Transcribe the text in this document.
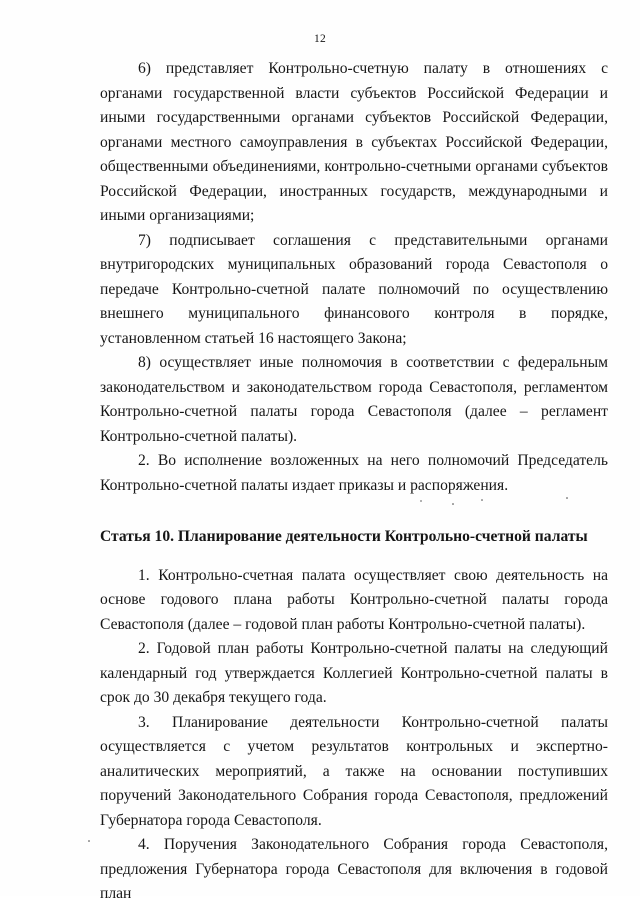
12

6) представляет Контрольно-счетную палату в отношениях с органами государственной власти субъектов Российской Федерации и иными государственными органами субъектов Российской Федерации, органами местного самоуправления в субъектах Российской Федерации, общественными объединениями, контрольно-счетными органами субъектов Российской Федерации, иностранных государств, международными и иными организациями;

7) подписывает соглашения с представительными органами внутригородских муниципальных образований города Севастополя о передаче Контрольно-счетной палате полномочий по осуществлению внешнего муниципального финансового контроля в порядке, установленном статьей 16 настоящего Закона;

8) осуществляет иные полномочия в соответствии с федеральным законодательством и законодательством города Севастополя, регламентом Контрольно-счетной палаты города Севастополя (далее – регламент Контрольно-счетной палаты).

2. Во исполнение возложенных на него полномочий Председатель Контрольно-счетной палаты издает приказы и распоряжения.

Статья 10. Планирование деятельности Контрольно-счетной палаты

1. Контрольно-счетная палата осуществляет свою деятельность на основе годового плана работы Контрольно-счетной палаты города Севастополя (далее – годовой план работы Контрольно-счетной палаты).

2. Годовой план работы Контрольно-счетной палаты на следующий календарный год утверждается Коллегией Контрольно-счетной палаты в срок до 30 декабря текущего года.

3. Планирование деятельности Контрольно-счетной палаты осуществляется с учетом результатов контрольных и экспертно-аналитических мероприятий, а также на основании поступивших поручений Законодательного Собрания города Севастополя, предложений Губернатора города Севастополя.

4. Поручения Законодательного Собрания города Севастополя, предложения Губернатора города Севастополя для включения в годовой план
